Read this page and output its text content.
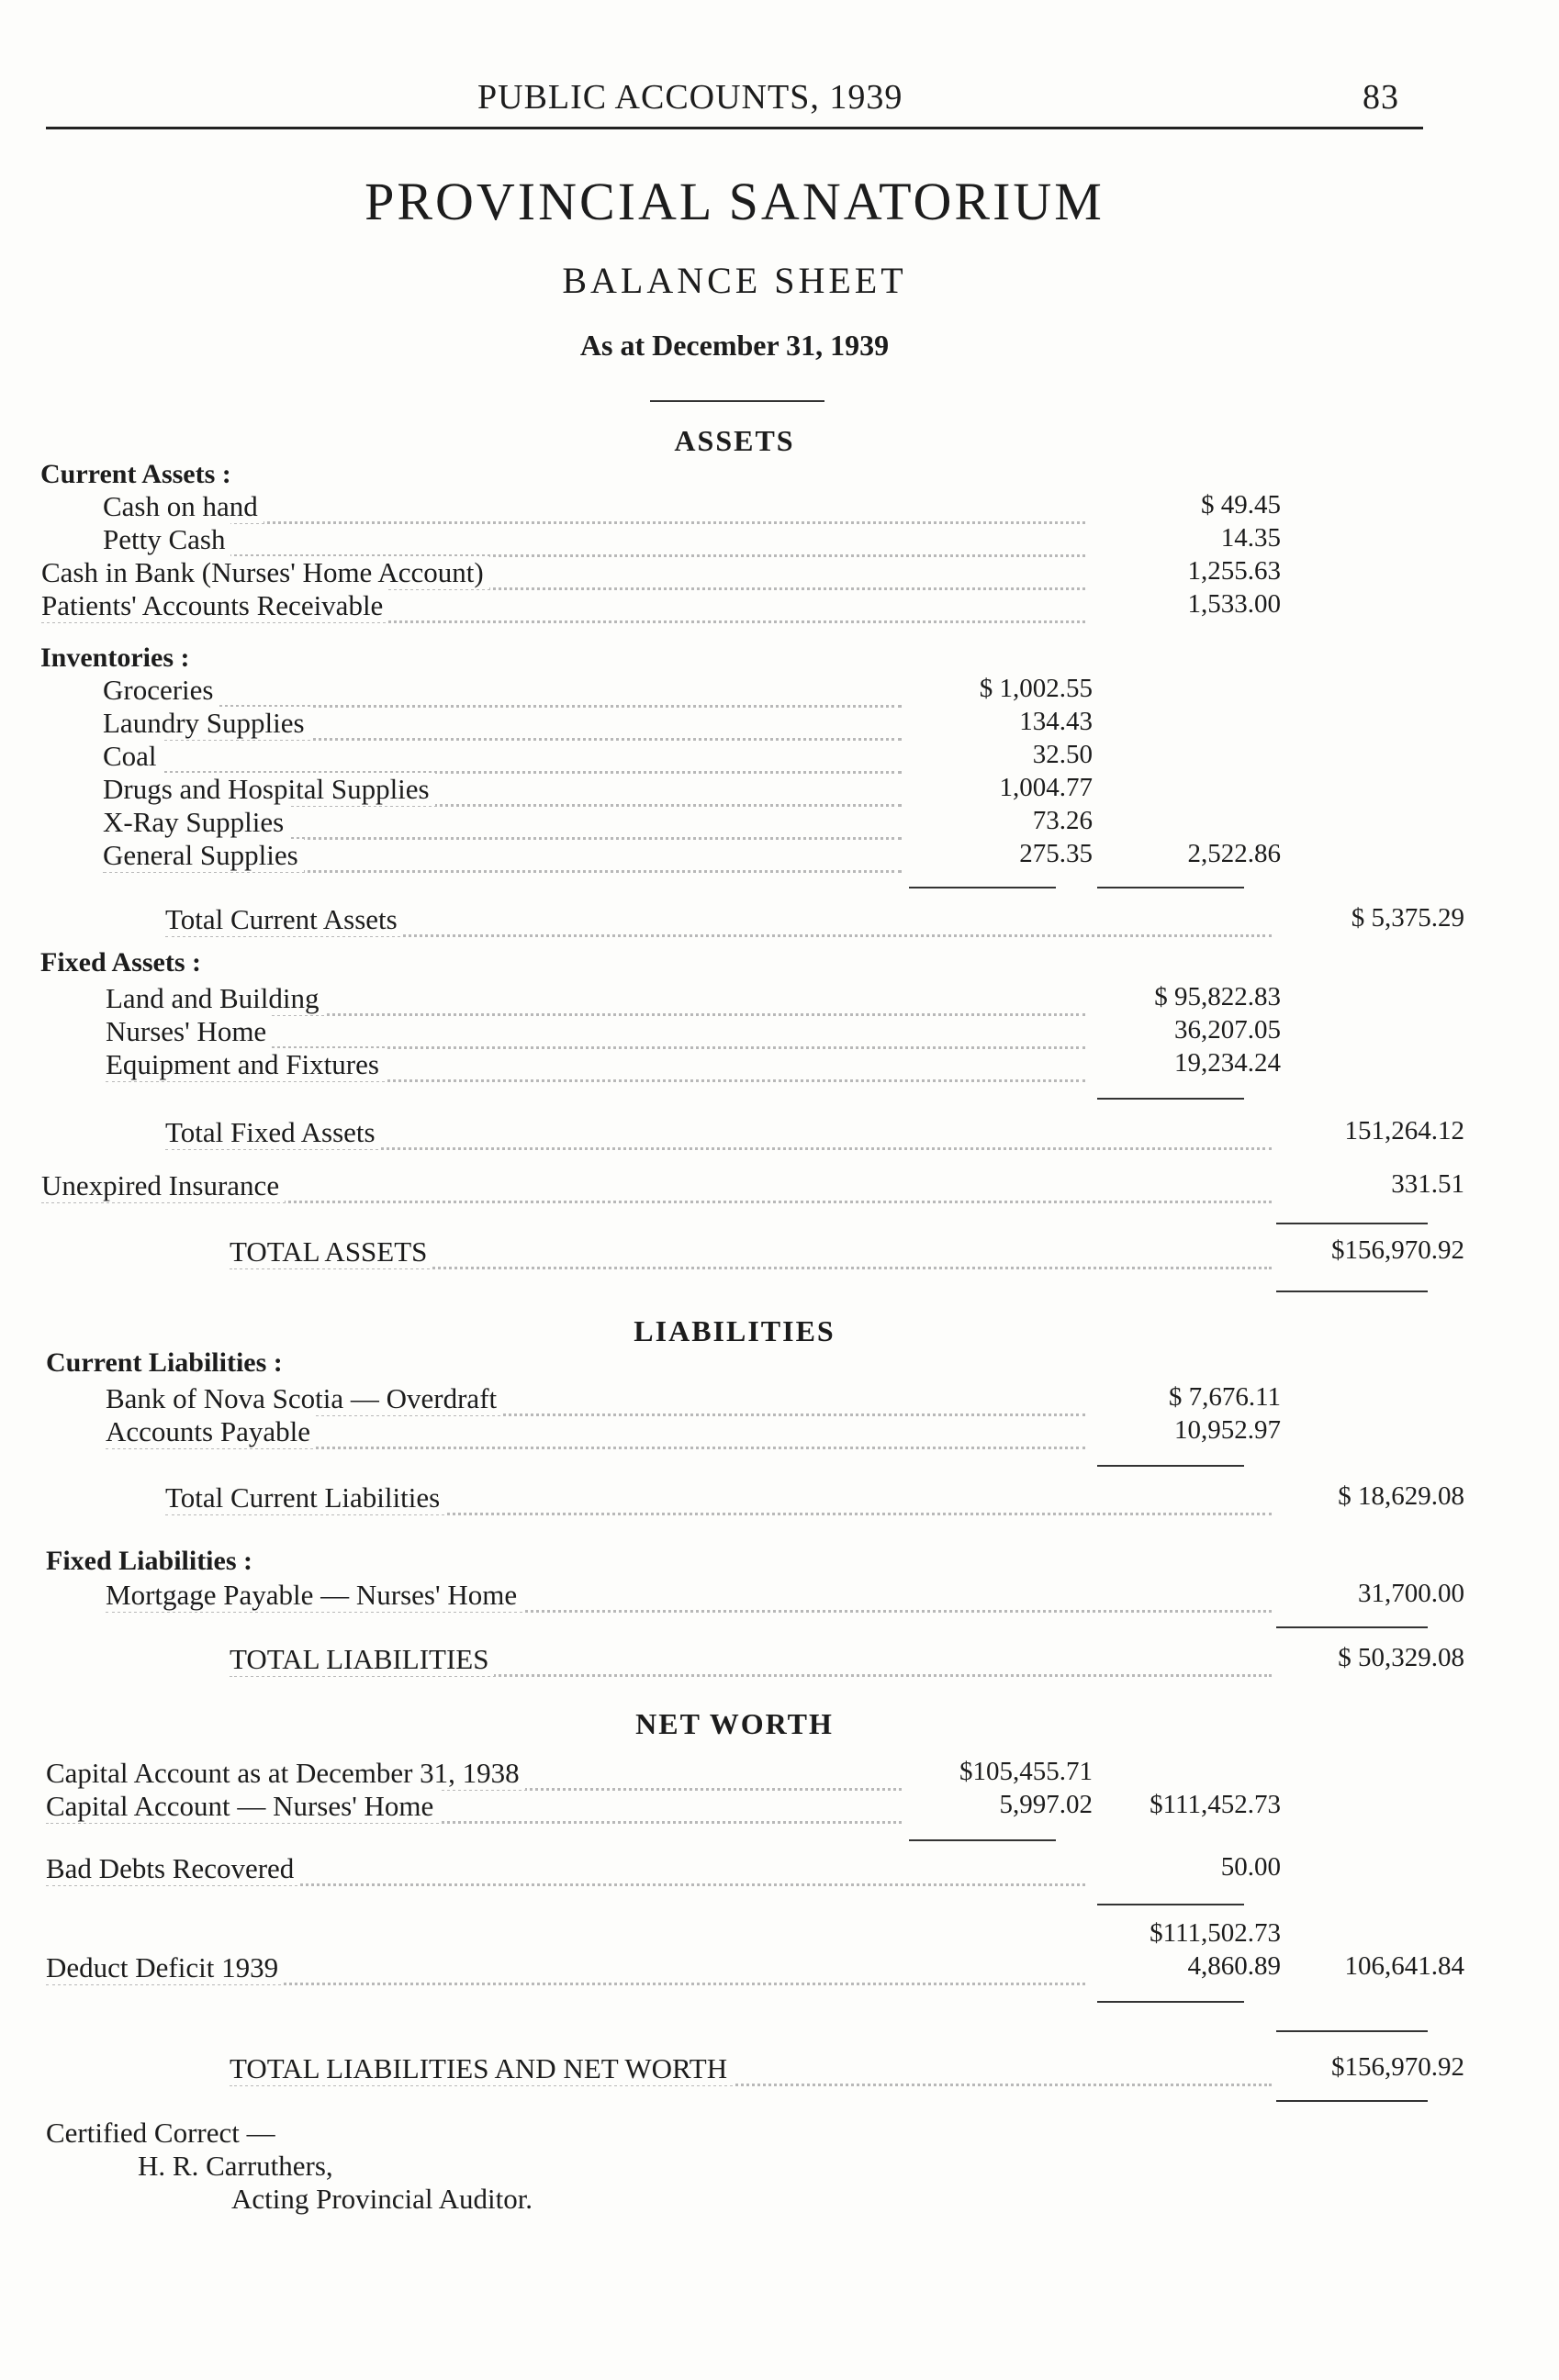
PUBLIC ACCOUNTS, 1939	83
PROVINCIAL SANATORIUM
BALANCE SHEET
As at December 31, 1939
ASSETS
Current Assets :
Cash on hand	$ 49.45
Petty Cash	14.35
Cash in Bank (Nurses' Home Account)	1,255.63
Patients' Accounts Receivable	1,533.00
Inventories :
Groceries	$ 1,002.55
Laundry Supplies	134.43
Coal	32.50
Drugs and Hospital Supplies	1,004.77
X-Ray Supplies	73.26
General Supplies	275.35	2,522.86
Total Current Assets	$ 5,375.29
Fixed Assets :
Land and Building	$ 95,822.83
Nurses' Home	36,207.05
Equipment and Fixtures	19,234.24
Total Fixed Assets	151,264.12
Unexpired Insurance	331.51
TOTAL ASSETS	$156,970.92
LIABILITIES
Current Liabilities :
Bank of Nova Scotia — Overdraft	$ 7,676.11
Accounts Payable	10,952.97
Total Current Liabilities	$ 18,629.08
Fixed Liabilities :
Mortgage Payable — Nurses' Home	31,700.00
TOTAL LIABILITIES	$ 50,329.08
NET WORTH
Capital Account as at December 31, 1938	$105,455.71
Capital Account — Nurses' Home	5,997.02	$111,452.73
Bad Debts Recovered	50.00
$111,502.73
Deduct Deficit 1939	4,860.89	106,641.84
TOTAL LIABILITIES AND NET WORTH	$156,970.92
Certified Correct —
H. R. Carruthers,
Acting Provincial Auditor.
